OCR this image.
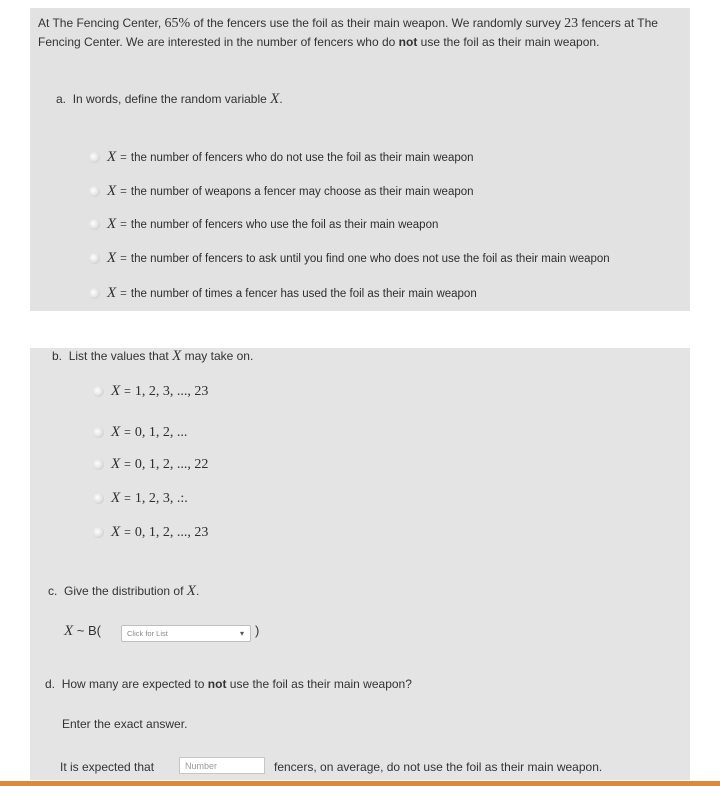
At The Fencing Center, 65% of the fencers use the foil as their main weapon. We randomly survey 23 fencers at The Fencing Center. We are interested in the number of fencers who do not use the foil as their main weapon.
a. In words, define the random variable X.
X = the number of fencers who do not use the foil as their main weapon
X = the number of weapons a fencer may choose as their main weapon
X = the number of fencers who use the foil as their main weapon
X = the number of fencers to ask until you find one who does not use the foil as their main weapon
X = the number of times a fencer has used the foil as their main weapon
b. List the values that X may take on.
X = 1, 2, 3, ..., 23
X = 0, 1, 2, ...
X = 0, 1, 2, ..., 22
X = 1, 2, 3, .:.
X = 0, 1, 2, ..., 23
c. Give the distribution of X.
X ~ B(	Click for List	▾ )
d. How many are expected to not use the foil as their main weapon?
Enter the exact answer.
It is expected that	Number	fencers, on average, do not use the foil as their main weapon.
